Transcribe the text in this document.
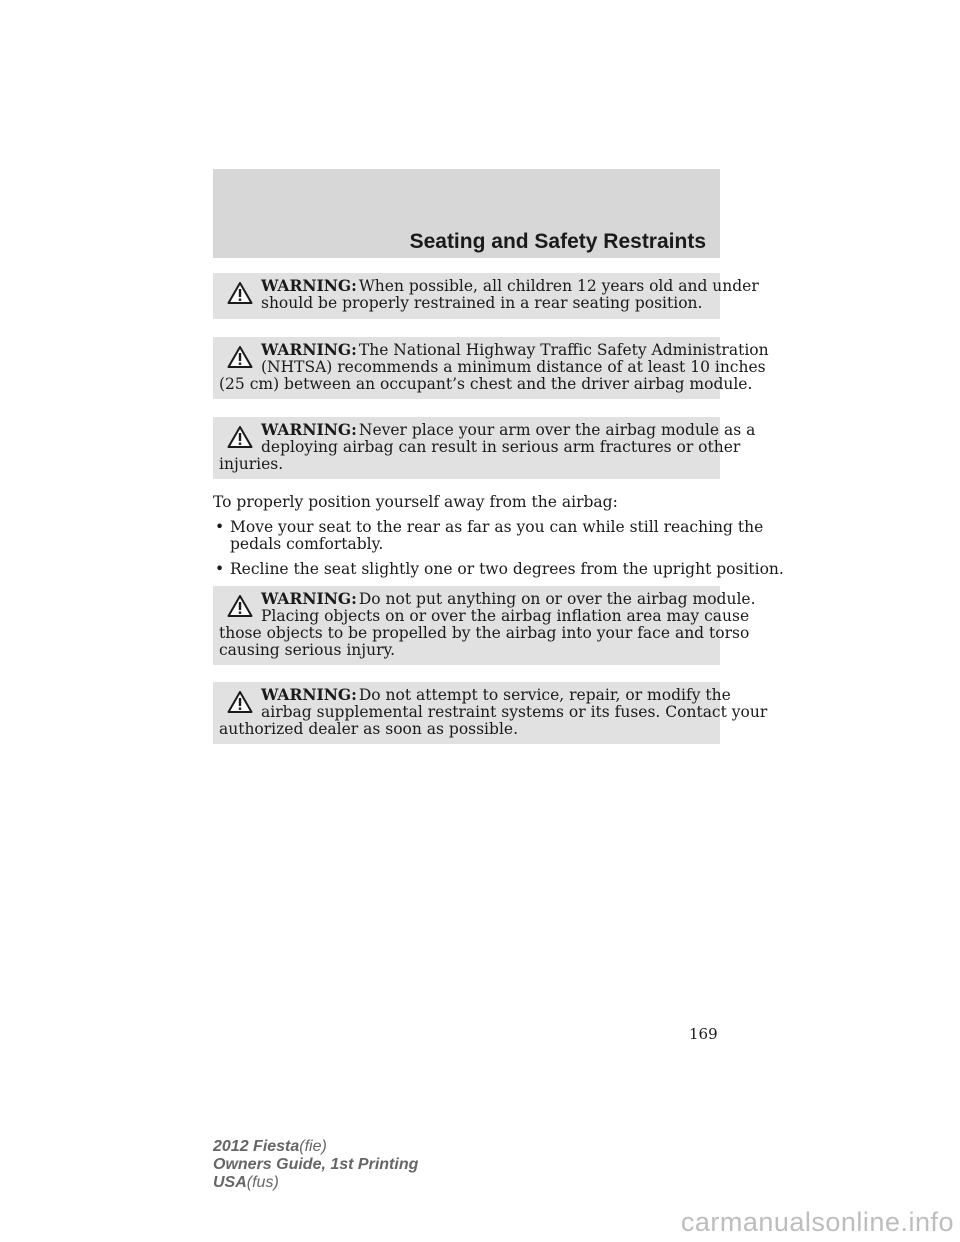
Seating and Safety Restraints
WARNING: When possible, all children 12 years old and under
should be properly restrained in a rear seating position.
WARNING: The National Highway Traffic Safety Administration
(NHTSA) recommends a minimum distance of at least 10 inches
(25 cm) between an occupant’s chest and the driver airbag module.
WARNING: Never place your arm over the airbag module as a
deploying airbag can result in serious arm fractures or other
injuries.

To properly position yourself away from the airbag:

• Move your seat to the rear as far as you can while still reaching the
pedals comfortably.
• Recline the seat slightly one or two degrees from the upright position.
WARNING: Do not put anything on or over the airbag module.
Placing objects on or over the airbag inflation area may cause
those objects to be propelled by the airbag into your face and torso
causing serious injury.
WARNING: Do not attempt to service, repair, or modify the
airbag supplemental restraint systems or its fuses. Contact your
authorized dealer as soon as possible.

169

2012 Fiesta(fie)
Owners Guide, 1st Printing
USA(fus)

carmanualsonline.info
